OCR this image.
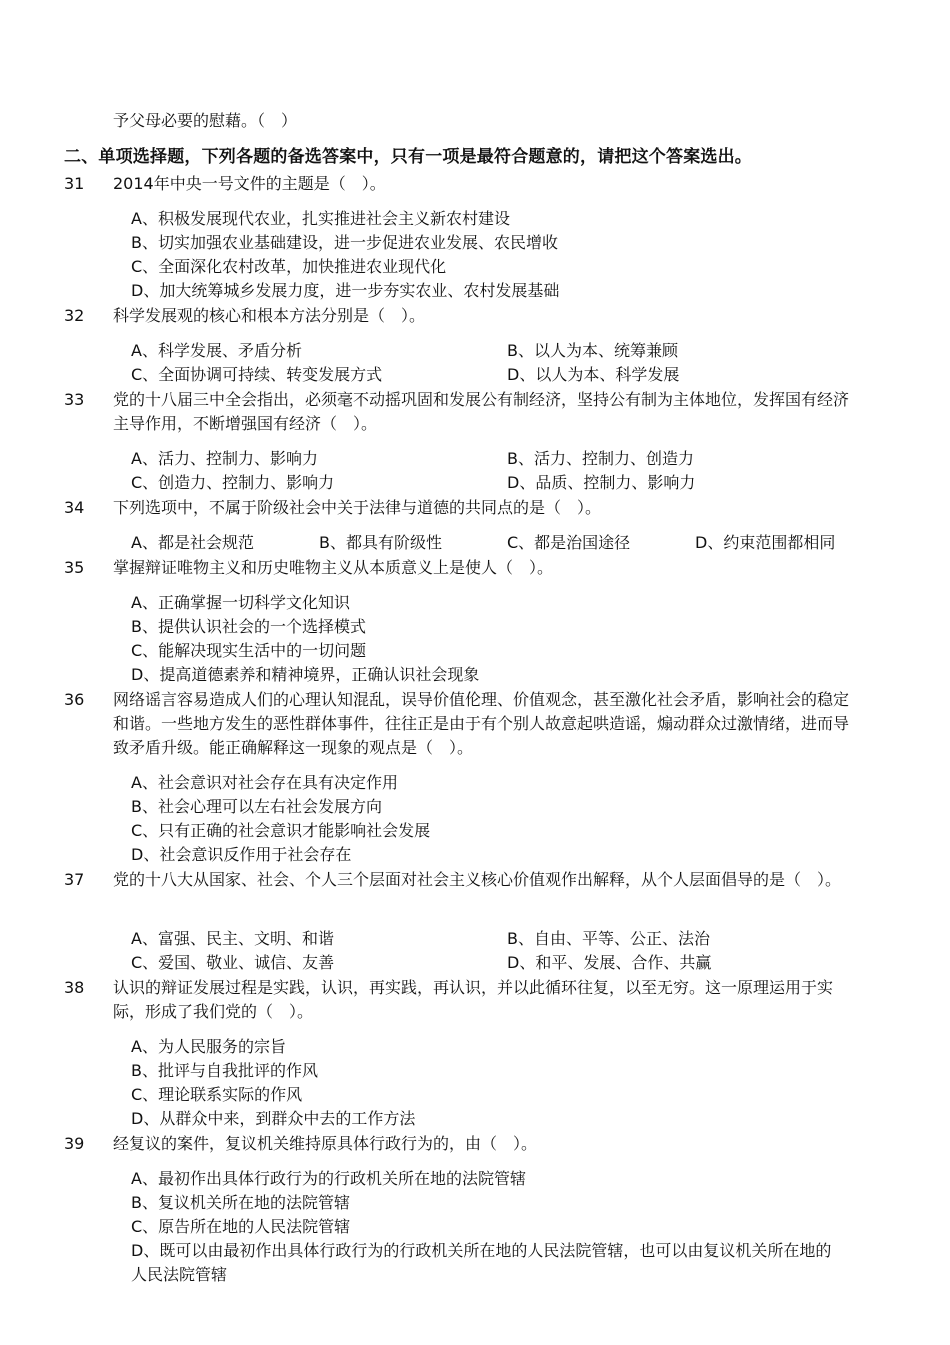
予父母必要的慰藉。（　）
二、单项选择题，下列各题的备选答案中，只有一项是最符合题意的，请把这个答案选出。
31 2014年中央一号文件的主题是（　）。
A、积极发展现代农业，扎实推进社会主义新农村建设
B、切实加强农业基础建设，进一步促进农业发展、农民增收
C、全面深化农村改革，加快推进农业现代化
D、加大统筹城乡发展力度，进一步夯实农业、农村发展基础
32 科学发展观的核心和根本方法分别是（　）。
A、科学发展、矛盾分析	B、以人为本、统筹兼顾
C、全面协调可持续、转变发展方式	D、以人为本、科学发展
33 党的十八届三中全会指出，必须毫不动摇巩固和发展公有制经济，坚持公有制为主体地位，发挥国有经济主导作用，不断增强国有经济（　）。
A、活力、控制力、影响力	B、活力、控制力、创造力
C、创造力、控制力、影响力	D、品质、控制力、影响力
34 下列选项中，不属于阶级社会中关于法律与道德的共同点的是（　）。
A、都是社会规范	B、都具有阶级性	C、都是治国途径	D、约束范围都相同
35 掌握辩证唯物主义和历史唯物主义从本质意义上是使人（　）。
A、正确掌握一切科学文化知识
B、提供认识社会的一个选择模式
C、能解决现实生活中的一切问题
D、提高道德素养和精神境界，正确认识社会现象
36 网络谣言容易造成人们的心理认知混乱，误导价值伦理、价值观念，甚至激化社会矛盾，影响社会的稳定和谐。一些地方发生的恶性群体事件，往往正是由于有个别人故意起哄造谣，煽动群众过激情绪，进而导致矛盾升级。能正确解释这一现象的观点是（　）。
A、社会意识对社会存在具有决定作用
B、社会心理可以左右社会发展方向
C、只有正确的社会意识才能影响社会发展
D、社会意识反作用于社会存在
37 党的十八大从国家、社会、个人三个层面对社会主义核心价值观作出解释，从个人层面倡导的是（　）。
A、富强、民主、文明、和谐	B、自由、平等、公正、法治
C、爱国、敬业、诚信、友善	D、和平、发展、合作、共赢
38 认识的辩证发展过程是实践，认识，再实践，再认识，并以此循环往复，以至无穷。这一原理运用于实际，形成了我们党的（　）。
A、为人民服务的宗旨
B、批评与自我批评的作风
C、理论联系实际的作风
D、从群众中来，到群众中去的工作方法
39 经复议的案件，复议机关维持原具体行政行为的，由（　）。
A、最初作出具体行政行为的行政机关所在地的法院管辖
B、复议机关所在地的法院管辖
C、原告所在地的人民法院管辖
D、既可以由最初作出具体行政行为的行政机关所在地的人民法院管辖，也可以由复议机关所在地的人民法院管辖
